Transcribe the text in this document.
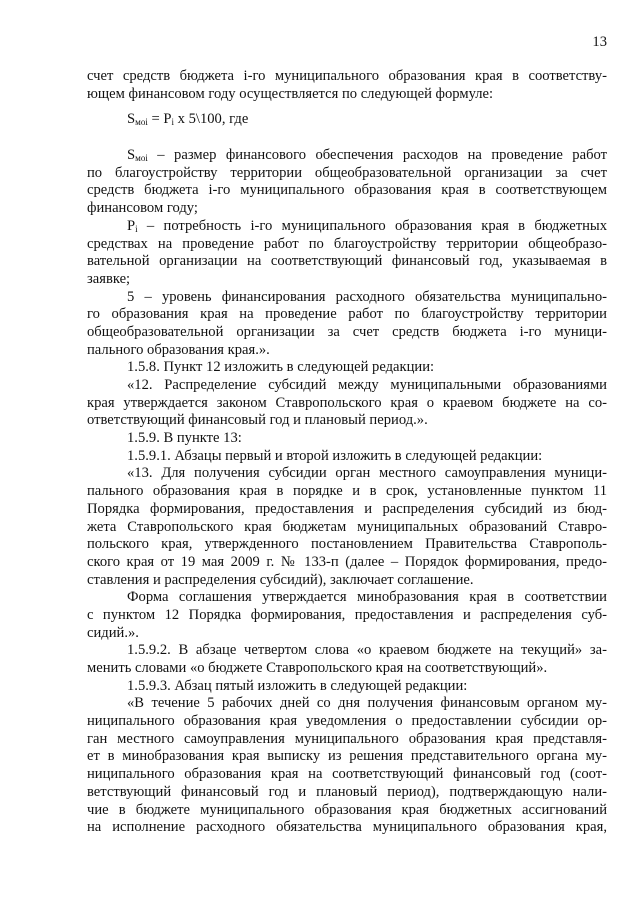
13

счет средств бюджета i-го муниципального образования края в соответству-

ющем финансовом году осуществляется по следующей формуле:

$S_{мoi} = P_i$ x 5\100, где

$S_{мoi}$ – размер финансового обеспечения расходов на проведение работ

по благоустройству территории общеобразовательной организации за счет

средств бюджета i-го муниципального образования края в соответствующем

финансовом году;

$P_i$ – потребность i-го муниципального образования края в бюджетных

средствах на проведение работ по благоустройству территории общеобразо-

вательной организации на соответствующий финансовый год, указываемая в

заявке;

5 – уровень финансирования расходного обязательства муниципально-

го образования края на проведение работ по благоустройству территории

общеобразовательной организации за счет средств бюджета i-го муници-

пального образования края.».

1.5.8. Пункт 12 изложить в следующей редакции:

«12. Распределение субсидий между муниципальными образованиями

края утверждается законом Ставропольского края о краевом бюджете на со-

ответствующий финансовый год и плановый период.».

1.5.9. В пункте 13:

1.5.9.1. Абзацы первый и второй изложить в следующей редакции:

«13. Для получения субсидии орган местного самоуправления муници-

пального образования края в порядке и в срок, установленные пунктом 11

Порядка формирования, предоставления и распределения субсидий из бюд-

жета Ставропольского края бюджетам муниципальных образований Ставро-

польского края, утвержденного постановлением Правительства Ставрополь-

ского края от 19 мая 2009 г. № 133-п (далее – Порядок формирования, предо-

ставления и распределения субсидий), заключает соглашение.

Форма соглашения утверждается минобразования края в соответствии

с пунктом 12 Порядка формирования, предоставления и распределения суб-

сидий.».

1.5.9.2. В абзаце четвертом слова «о краевом бюджете на текущий» за-

менить словами «о бюджете Ставропольского края на соответствующий».

1.5.9.3. Абзац пятый изложить в следующей редакции:

«В течение 5 рабочих дней со дня получения финансовым органом му-

ниципального образования края уведомления о предоставлении субсидии ор-

ган местного самоуправления муниципального образования края представля-

ет в минобразования края выписку из решения представительного органа му-

ниципального образования края на соответствующий финансовый год (соот-

ветствующий финансовый год и плановый период), подтверждающую нали-

чие в бюджете муниципального образования края бюджетных ассигнований

на исполнение расходного обязательства муниципального образования края,
